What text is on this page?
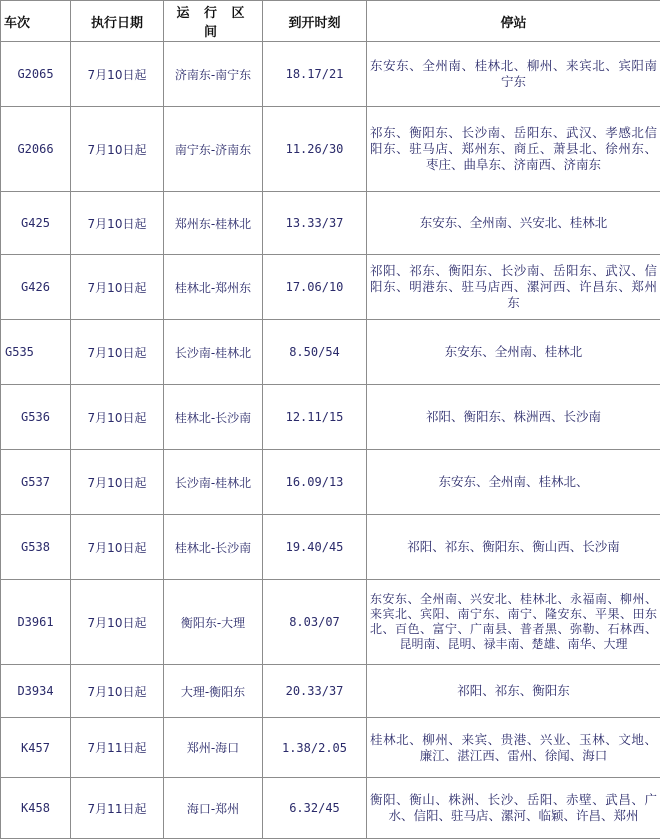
车次	执行日期	运 行 区 间	到开时刻	停站
G2065	7月10日起	济南东-南宁东	18.17/21	东安东、全州南、桂林北、柳州、来宾北、宾阳南宁东
G2066	7月10日起	南宁东-济南东	11.26/30	祁东、衡阳东、长沙南、岳阳东、武汉、孝感北信阳东、驻马店、郑州东、商丘、萧县北、徐州东、枣庄、曲阜东、济南西、济南东
G425	7月10日起	郑州东-桂林北	13.33/37	东安东、全州南、兴安北、桂林北
G426	7月10日起	桂林北-郑州东	17.06/10	祁阳、祁东、衡阳东、长沙南、岳阳东、武汉、信阳东、明港东、驻马店西、漯河西、许昌东、郑州东
G535	7月10日起	长沙南-桂林北	8.50/54	东安东、全州南、桂林北
G536	7月10日起	桂林北-长沙南	12.11/15	祁阳、衡阳东、株洲西、长沙南
G537	7月10日起	长沙南-桂林北	16.09/13	东安东、全州南、桂林北、
G538	7月10日起	桂林北-长沙南	19.40/45	祁阳、祁东、衡阳东、衡山西、长沙南
D3961	7月10日起	衡阳东-大理	8.03/07	东安东、全州南、兴安北、桂林北、永福南、柳州、来宾北、宾阳、南宁东、南宁、隆安东、平果、田东北、百色、富宁、广南县、普者黑、弥勒、石林西、昆明南、昆明、禄丰南、楚雄、南华、大理
D3934	7月10日起	大理-衡阳东	20.33/37	祁阳、祁东、衡阳东
K457	7月11日起	郑州-海口	1.38/2.05	桂林北、柳州、来宾、贵港、兴业、玉林、文地、廉江、湛江西、雷州、徐闻、海口
K458	7月11日起	海口-郑州	6.32/45	衡阳、衡山、株洲、长沙、岳阳、赤壁、武昌、广水、信阳、驻马店、漯河、临颖、许昌、郑州
